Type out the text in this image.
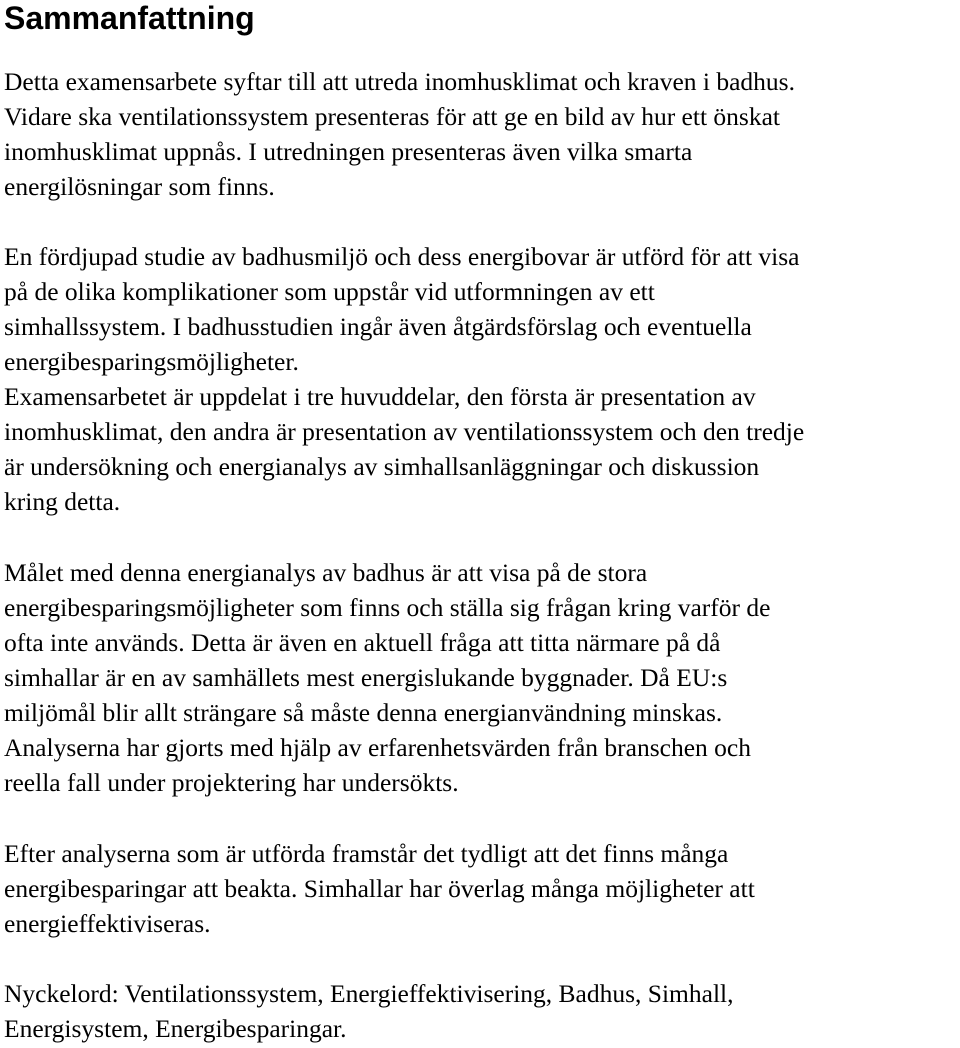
Sammanfattning
Detta examensarbete syftar till att utreda inomhusklimat och kraven i badhus.
Vidare ska ventilationssystem presenteras för att ge en bild av hur ett önskat
inomhusklimat uppnås. I utredningen presenteras även vilka smarta
energilösningar som finns.
En fördjupad studie av badhusmiljö och dess energibovar är utförd för att visa
på de olika komplikationer som uppstår vid utformningen av ett
simhallssystem. I badhusstudien ingår även åtgärdsförslag och eventuella
energibesparingsmöjligheter.
Examensarbetet är uppdelat i tre huvuddelar, den första är presentation av
inomhusklimat, den andra är presentation av ventilationssystem och den tredje
är undersökning och energianalys av simhallsanläggningar och diskussion
kring detta.
Målet med denna energianalys av badhus är att visa på de stora
energibesparingsmöjligheter som finns och ställa sig frågan kring varför de
ofta inte används. Detta är även en aktuell fråga att titta närmare på då
simhallar är en av samhällets mest energislukande byggnader. Då EU:s
miljömål blir allt strängare så måste denna energianvändning minskas.
Analyserna har gjorts med hjälp av erfarenhetsvärden från branschen och
reella fall under projektering har undersökts.
Efter analyserna som är utförda framstår det tydligt att det finns många
energibesparingar att beakta. Simhallar har överlag många möjligheter att
energieffektiviseras.
Nyckelord: Ventilationssystem, Energieffektivisering, Badhus, Simhall,
Energisystem, Energibesparingar.
